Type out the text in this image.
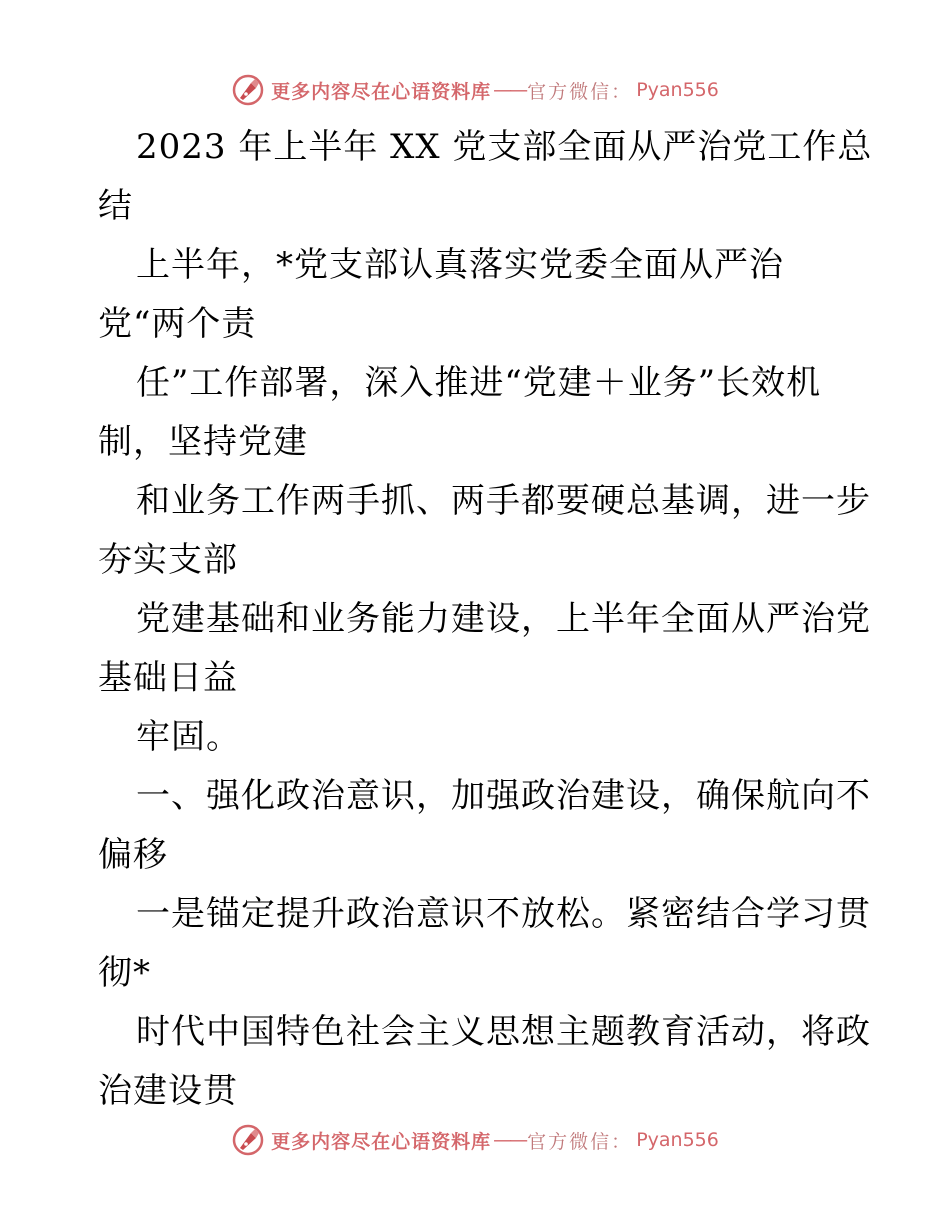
更多内容尽在心语资料库 —— 官方微信： Pyan556
2023 年上半年 XX 党支部全面从严治党工作总
结
上半年，*党支部认真落实党委全面从严治
党“两个责
任”工作部署，深入推进“党建＋业务”长效机
制，坚持党建
和业务工作两手抓、两手都要硬总基调，进一步
夯实支部
党建基础和业务能力建设，上半年全面从严治党
基础日益
牢固。
一、强化政治意识，加强政治建设，确保航向不
偏移
一是锚定提升政治意识不放松。紧密结合学习贯
彻*
时代中国特色社会主义思想主题教育活动，将政
治建设贯
更多内容尽在心语资料库 —— 官方微信： Pyan556
